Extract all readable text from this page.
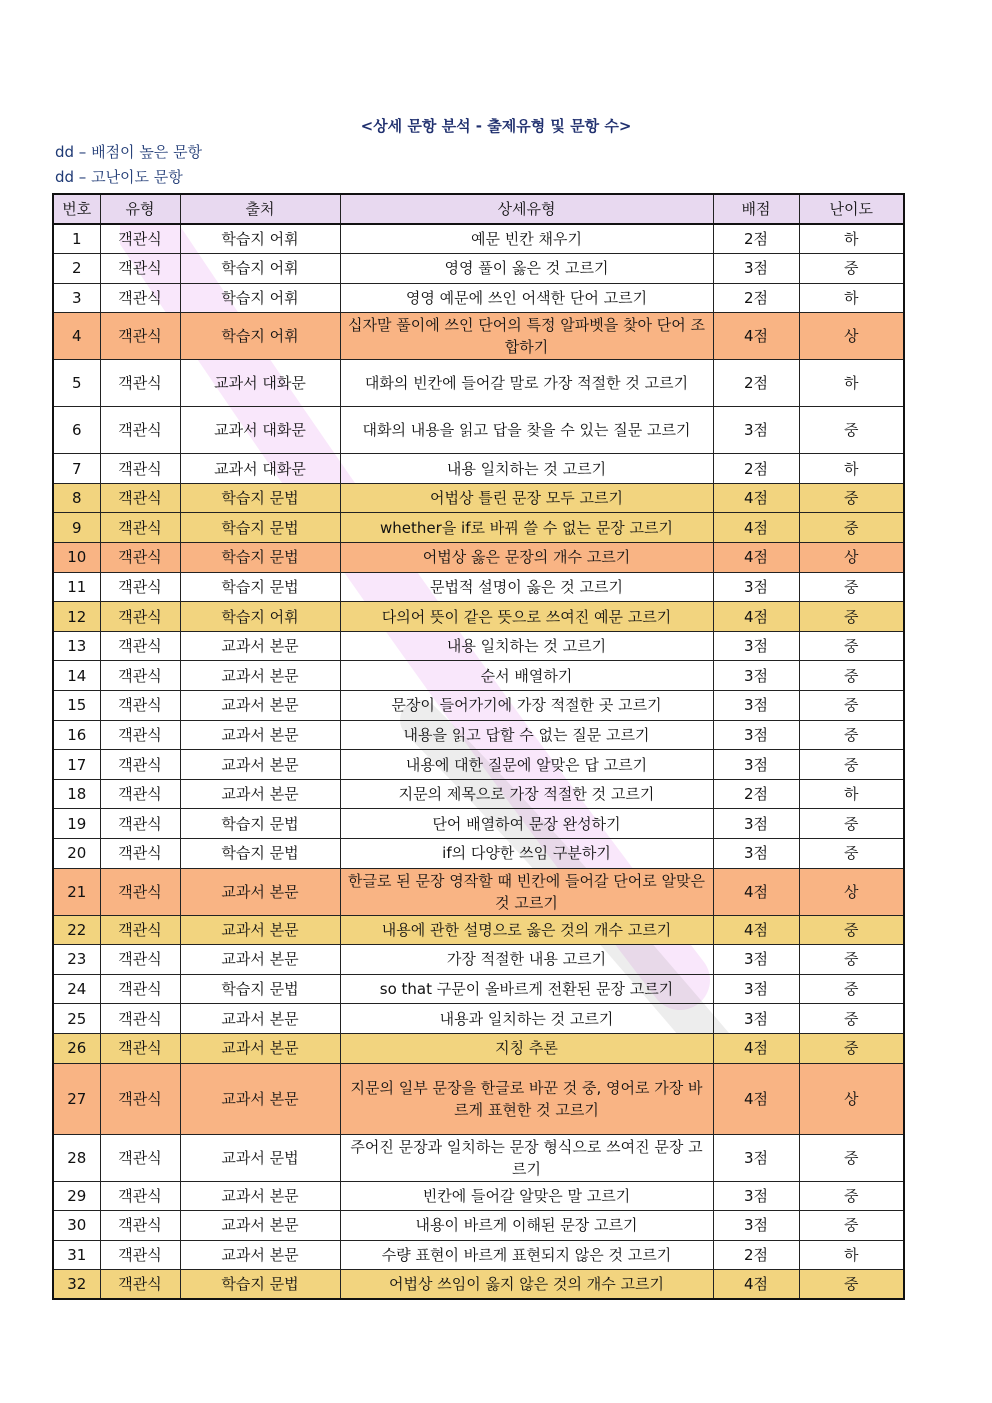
<상세 문항 분석 - 출제유형 및 문항 수>
dd – 배점이 높은 문항
dd – 고난이도 문항
번호	유형	출처	상세유형	배점	난이도
1	객관식	학습지 어휘	예문 빈칸 채우기	2점	하
2	객관식	학습지 어휘	영영 풀이 옳은 것 고르기	3점	중
3	객관식	학습지 어휘	영영 예문에 쓰인 어색한 단어 고르기	2점	하
4	객관식	학습지 어휘	십자말 풀이에 쓰인 단어의 특정 알파벳을 찾아 단어 조합하기	4점	상
5	객관식	교과서 대화문	대화의 빈칸에 들어갈 말로 가장 적절한 것 고르기	2점	하
6	객관식	교과서 대화문	대화의 내용을 읽고 답을 찾을 수 있는 질문 고르기	3점	중
7	객관식	교과서 대화문	내용 일치하는 것 고르기	2점	하
8	객관식	학습지 문법	어법상 틀린 문장 모두 고르기	4점	중
9	객관식	학습지 문법	whether을 if로 바꿔 쓸 수 없는 문장 고르기	4점	중
10	객관식	학습지 문법	어법상 옳은 문장의 개수 고르기	4점	상
11	객관식	학습지 문법	문법적 설명이 옳은 것 고르기	3점	중
12	객관식	학습지 어휘	다의어 뜻이 같은 뜻으로 쓰여진 예문 고르기	4점	중
13	객관식	교과서 본문	내용 일치하는 것 고르기	3점	중
14	객관식	교과서 본문	순서 배열하기	3점	중
15	객관식	교과서 본문	문장이 들어가기에 가장 적절한 곳 고르기	3점	중
16	객관식	교과서 본문	내용을 읽고 답할 수 없는 질문 고르기	3점	중
17	객관식	교과서 본문	내용에 대한 질문에 알맞은 답 고르기	3점	중
18	객관식	교과서 본문	지문의 제목으로 가장 적절한 것 고르기	2점	하
19	객관식	학습지 문법	단어 배열하여 문장 완성하기	3점	중
20	객관식	학습지 문법	if의 다양한 쓰임 구분하기	3점	중
21	객관식	교과서 본문	한글로 된 문장 영작할 때 빈칸에 들어갈 단어로 알맞은 것 고르기	4점	상
22	객관식	교과서 본문	내용에 관한 설명으로 옳은 것의 개수 고르기	4점	중
23	객관식	교과서 본문	가장 적절한 내용 고르기	3점	중
24	객관식	학습지 문법	so that 구문이 올바르게 전환된 문장 고르기	3점	중
25	객관식	교과서 본문	내용과 일치하는 것 고르기	3점	중
26	객관식	교과서 본문	지칭 추론	4점	중
27	객관식	교과서 본문	지문의 일부 문장을 한글로 바꾼 것 중, 영어로 가장 바르게 표현한 것 고르기	4점	상
28	객관식	교과서 문법	주어진 문장과 일치하는 문장 형식으로 쓰여진 문장 고르기	3점	중
29	객관식	교과서 본문	빈칸에 들어갈 알맞은 말 고르기	3점	중
30	객관식	교과서 본문	내용이 바르게 이해된 문장 고르기	3점	중
31	객관식	교과서 본문	수량 표현이 바르게 표현되지 않은 것 고르기	2점	하
32	객관식	학습지 문법	어법상 쓰임이 옳지 않은 것의 개수 고르기	4점	중
